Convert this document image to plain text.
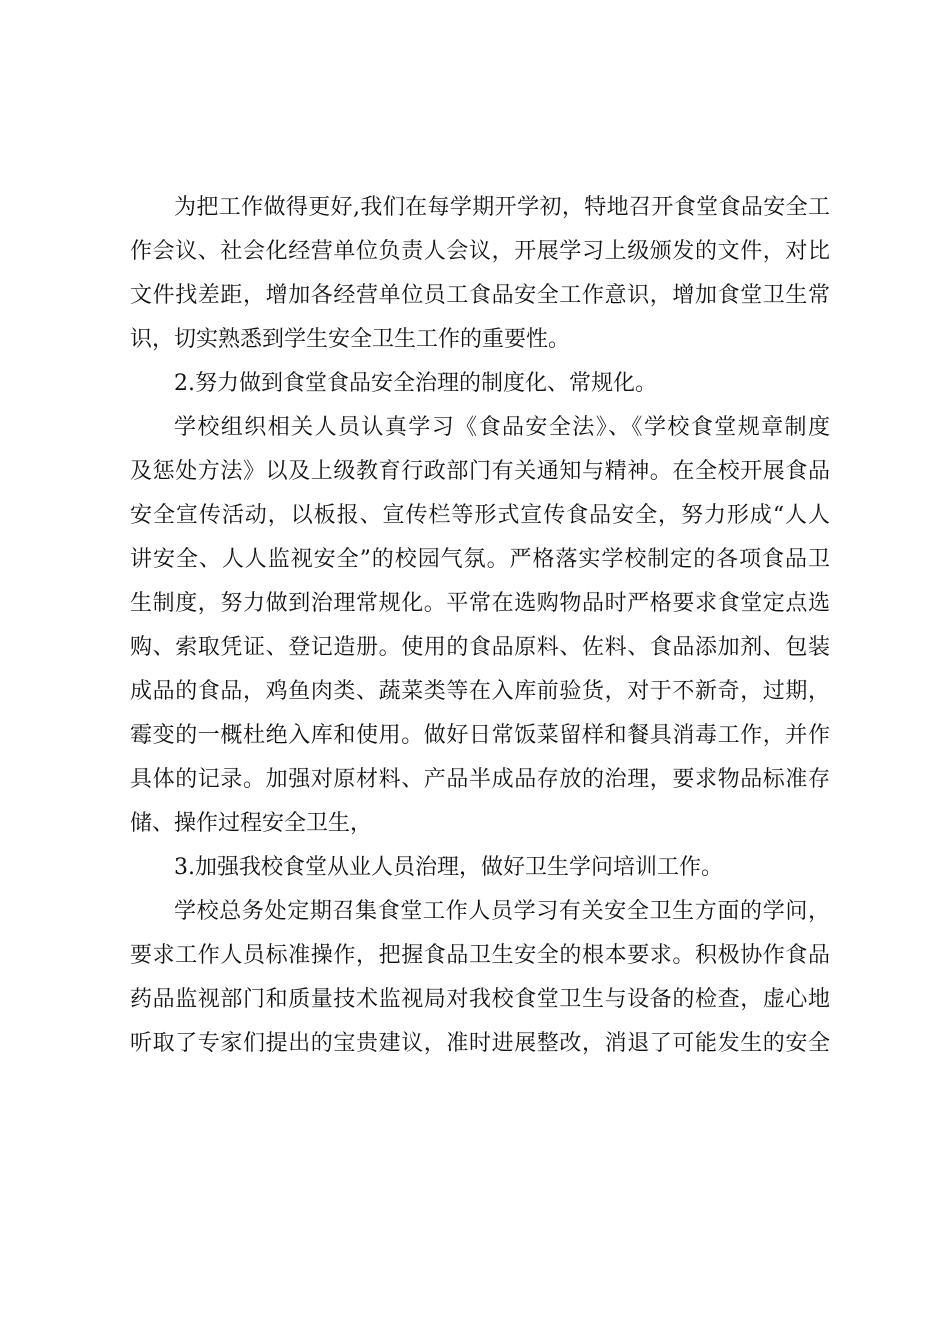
为把工作做得更好,我们在每学期开学初，特地召开食堂食品安全工

作会议、社会化经营单位负责人会议，开展学习上级颁发的文件，对比

文件找差距，增加各经营单位员工食品安全工作意识，增加食堂卫生常

识，切实熟悉到学生安全卫生工作的重要性。

2.努力做到食堂食品安全治理的制度化、常规化。

学校组织相关人员认真学习《食品安全法》、《学校食堂规章制度

及惩处方法》以及上级教育行政部门有关通知与精神。在全校开展食品

安全宣传活动，以板报、宣传栏等形式宣传食品安全，努力形成“人人

讲安全、人人监视安全”的校园气氛。严格落实学校制定的各项食品卫

生制度，努力做到治理常规化。平常在选购物品时严格要求食堂定点选

购、索取凭证、登记造册。使用的食品原料、佐料、食品添加剂、包装

成品的食品，鸡鱼肉类、蔬菜类等在入库前验货，对于不新奇，过期，

霉变的一概杜绝入库和使用。做好日常饭菜留样和餐具消毒工作，并作

具体的记录。加强对原材料、产品半成品存放的治理，要求物品标准存

储、操作过程安全卫生，

3.加强我校食堂从业人员治理，做好卫生学问培训工作。

学校总务处定期召集食堂工作人员学习有关安全卫生方面的学问，

要求工作人员标准操作，把握食品卫生安全的根本要求。积极协作食品

药品监视部门和质量技术监视局对我校食堂卫生与设备的检查，虚心地

听取了专家们提出的宝贵建议，准时进展整改，消退了可能发生的安全
